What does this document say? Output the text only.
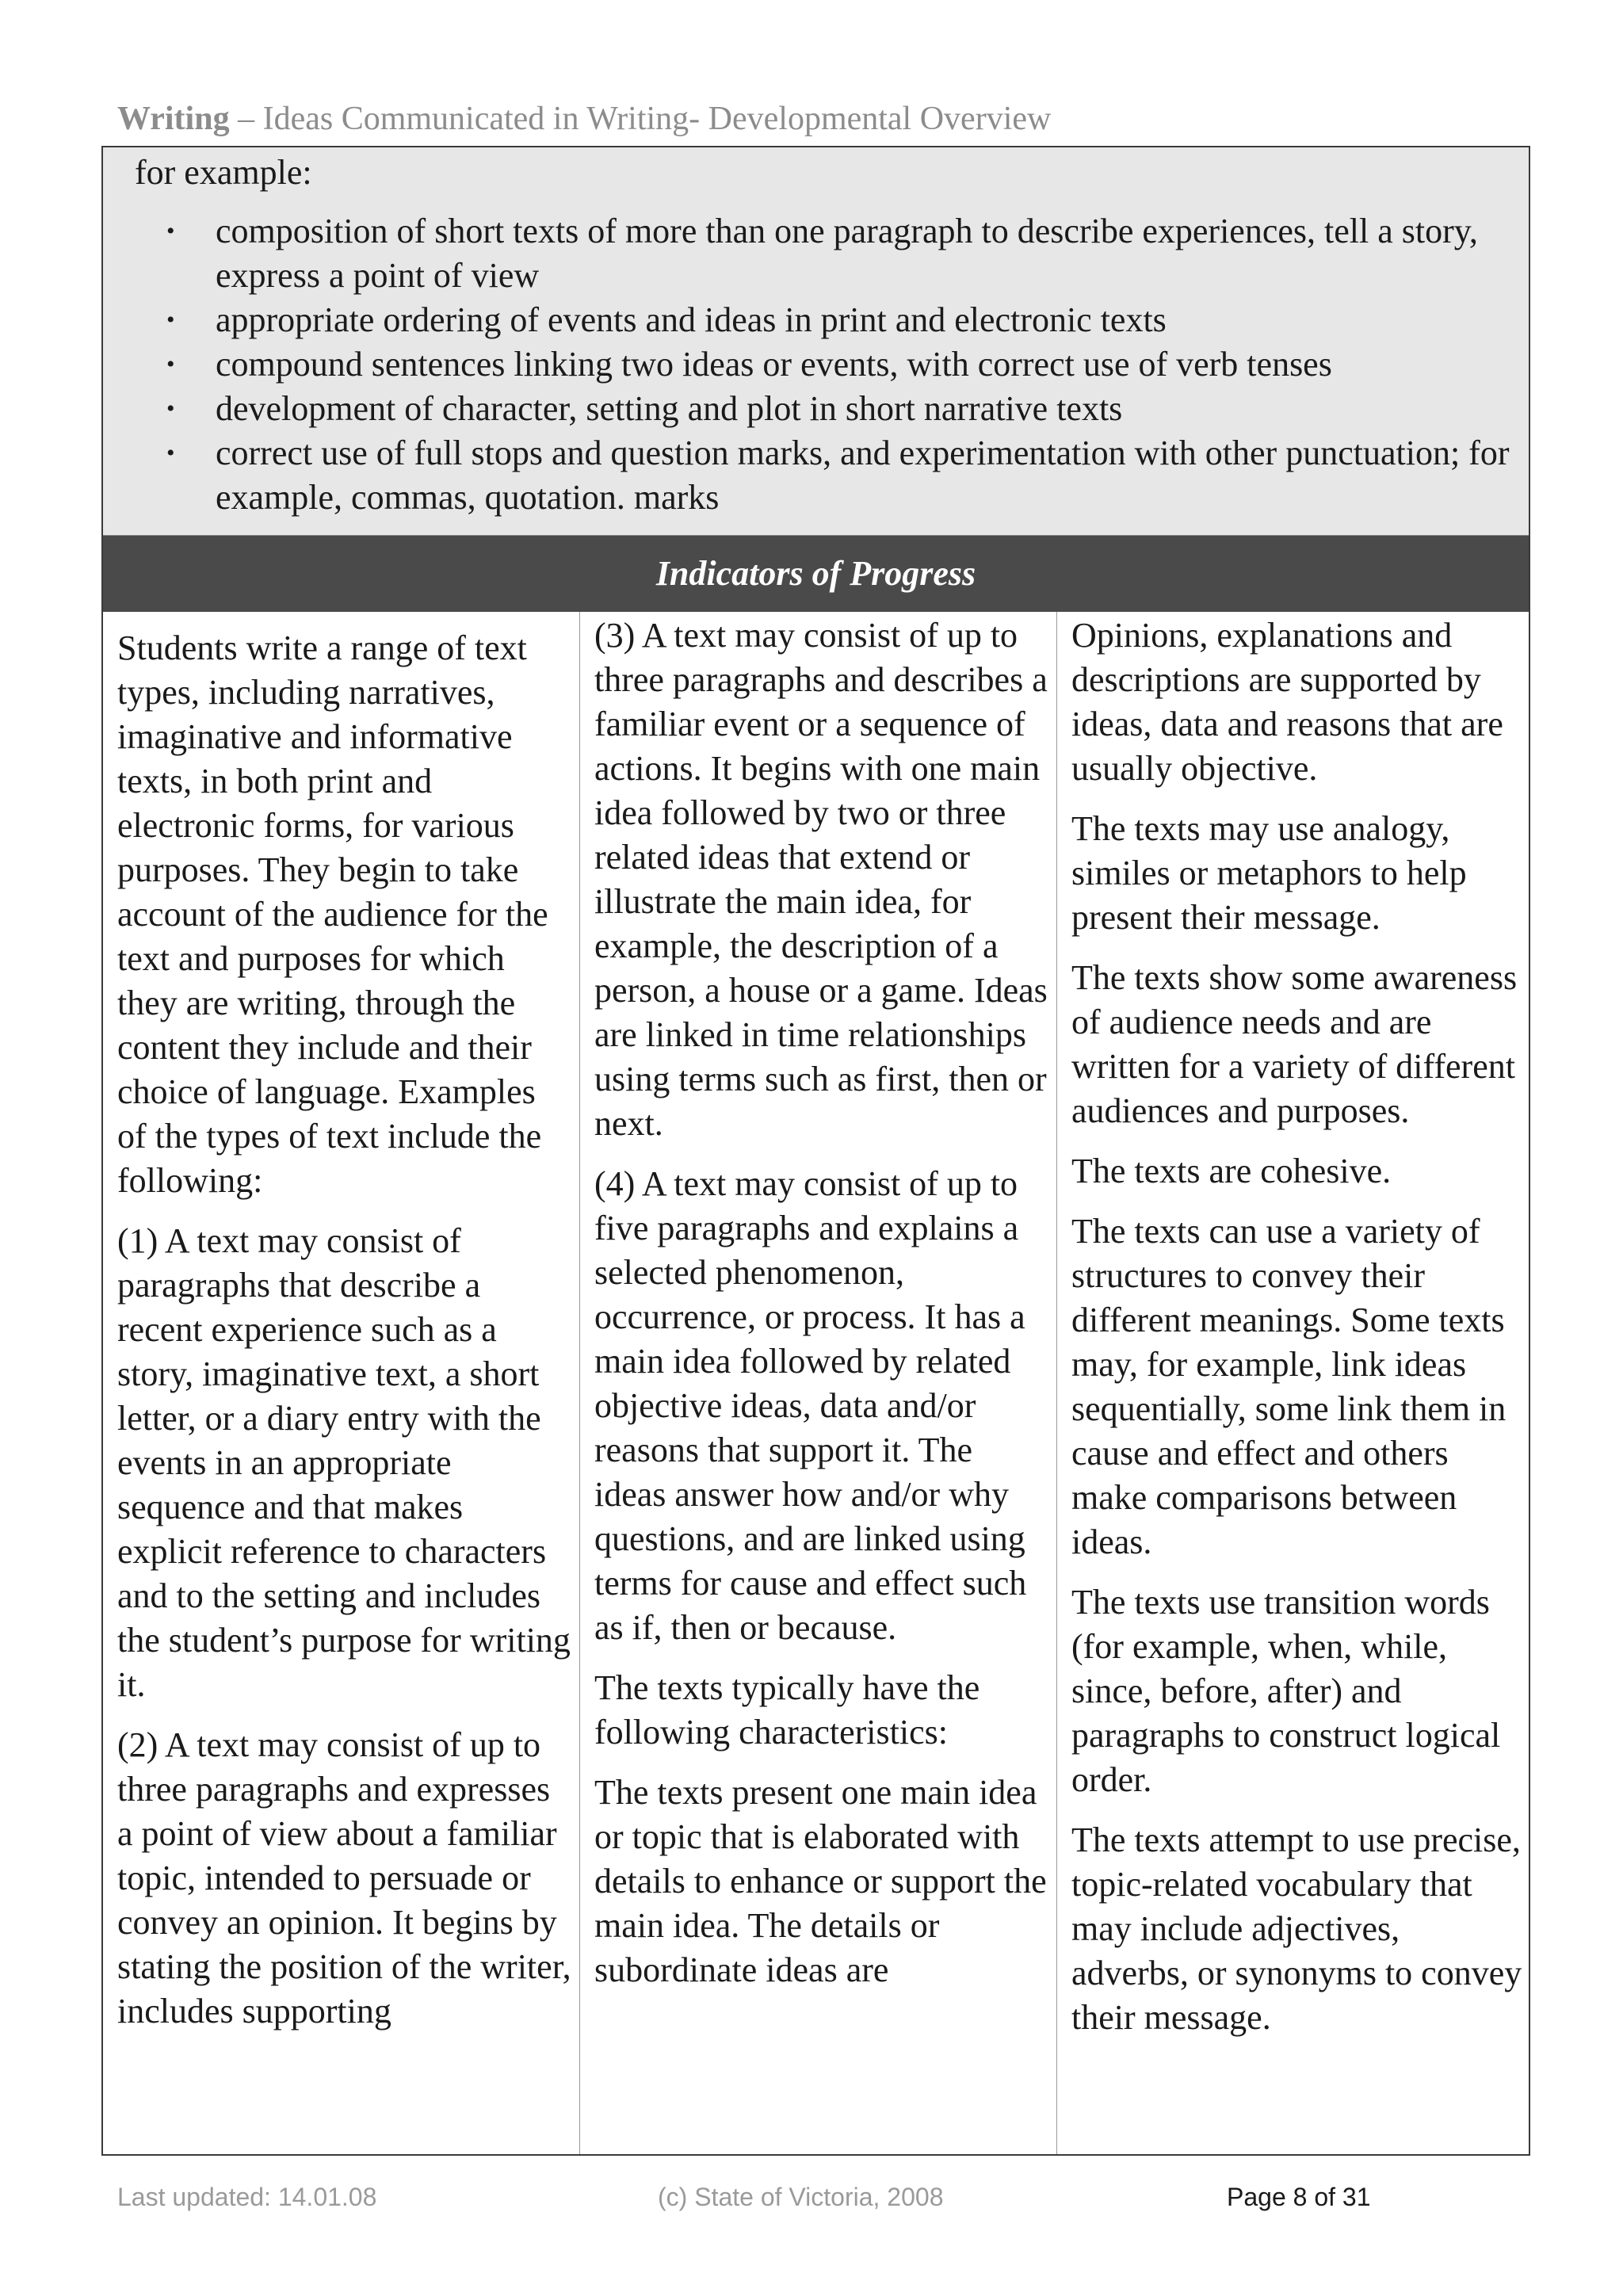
Writing – Ideas Communicated in Writing- Developmental Overview
for example:
• composition of short texts of more than one paragraph to describe experiences, tell a story, express a point of view
• appropriate ordering of events and ideas in print and electronic texts
• compound sentences linking two ideas or events, with correct use of verb tenses
• development of character, setting and plot in short narrative texts
• correct use of full stops and question marks, and experimentation with other punctuation; for example, commas, quotation. marks
Indicators of Progress

Students write a range of text types, including narratives, imaginative and informative texts, in both print and electronic forms, for various purposes. They begin to take account of the audience for the text and purposes for which they are writing, through the content they include and their choice of language. Examples of the types of text include the following:

(1) A text may consist of paragraphs that describe a recent experience such as a story, imaginative text, a short letter, or a diary entry with the events in an appropriate sequence and that makes explicit reference to characters and to the setting and includes the student’s purpose for writing it.

(2) A text may consist of up to three paragraphs and expresses a point of view about a familiar topic, intended to persuade or convey an opinion. It begins by stating the position of the writer, includes supporting

(3) A text may consist of up to three paragraphs and describes a familiar event or a sequence of actions. It begins with one main idea followed by two or three related ideas that extend or illustrate the main idea, for example, the description of a person, a house or a game. Ideas are linked in time relationships using terms such as first, then or next.

(4) A text may consist of up to five paragraphs and explains a selected phenomenon, occurrence, or process. It has a main idea followed by related objective ideas, data and/or reasons that support it. The ideas answer how and/or why questions, and are linked using terms for cause and effect such as if, then or because.

The texts typically have the following characteristics:

The texts present one main idea or topic that is elaborated with details to enhance or support the main idea. The details or subordinate ideas are

Opinions, explanations and descriptions are supported by ideas, data and reasons that are usually objective.

The texts may use analogy, similes or metaphors to help present their message.

The texts show some awareness of audience needs and are written for a variety of different audiences and purposes.

The texts are cohesive.

The texts can use a variety of structures to convey their different meanings. Some texts may, for example, link ideas sequentially, some link them in cause and effect and others make comparisons between ideas.

The texts use transition words (for example, when, while, since, before, after) and paragraphs to construct logical order.

The texts attempt to use precise, topic-related vocabulary that may include adjectives, adverbs, or synonyms to convey their message.

Last updated: 14.01.08	(c) State of Victoria, 2008	Page 8 of 31
